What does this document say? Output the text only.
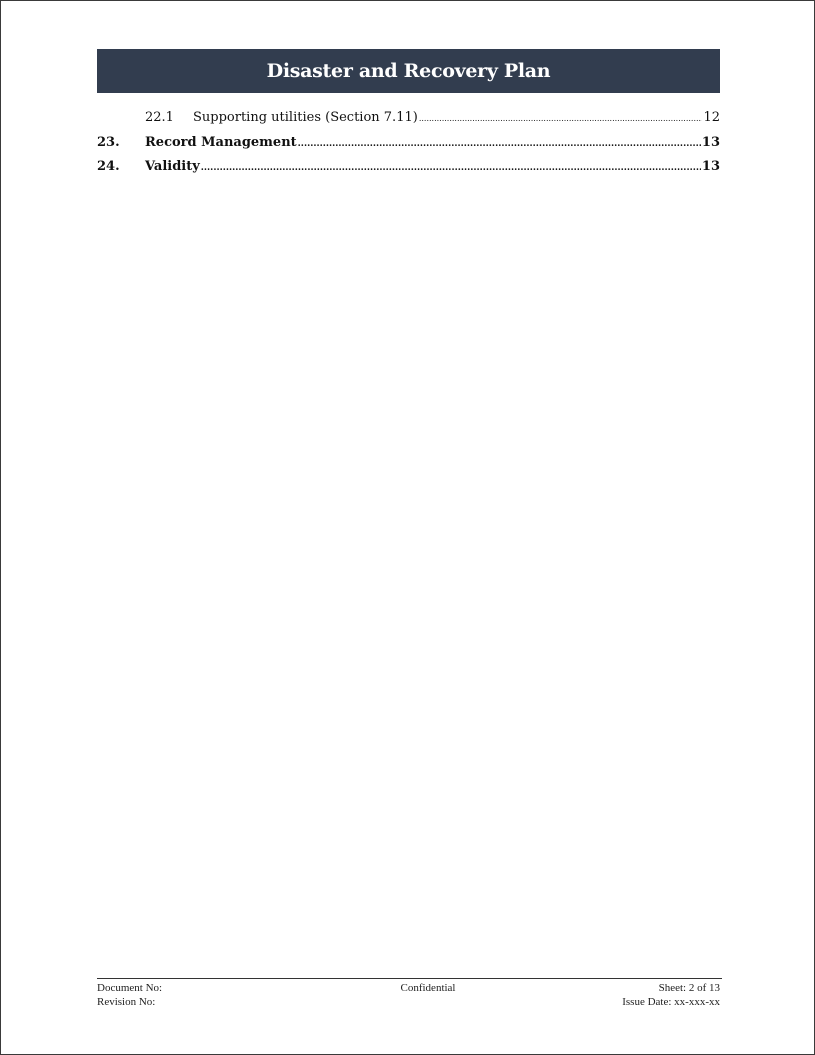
Disaster and Recovery Plan
22.1	Supporting utilities (Section 7.11) .....	12
23.	Record Management .....	13
24.	Validity .....	13
Document No:
Revision No:
Confidential	Sheet: 2 of 13
Issue Date: xx-xxx-xx
